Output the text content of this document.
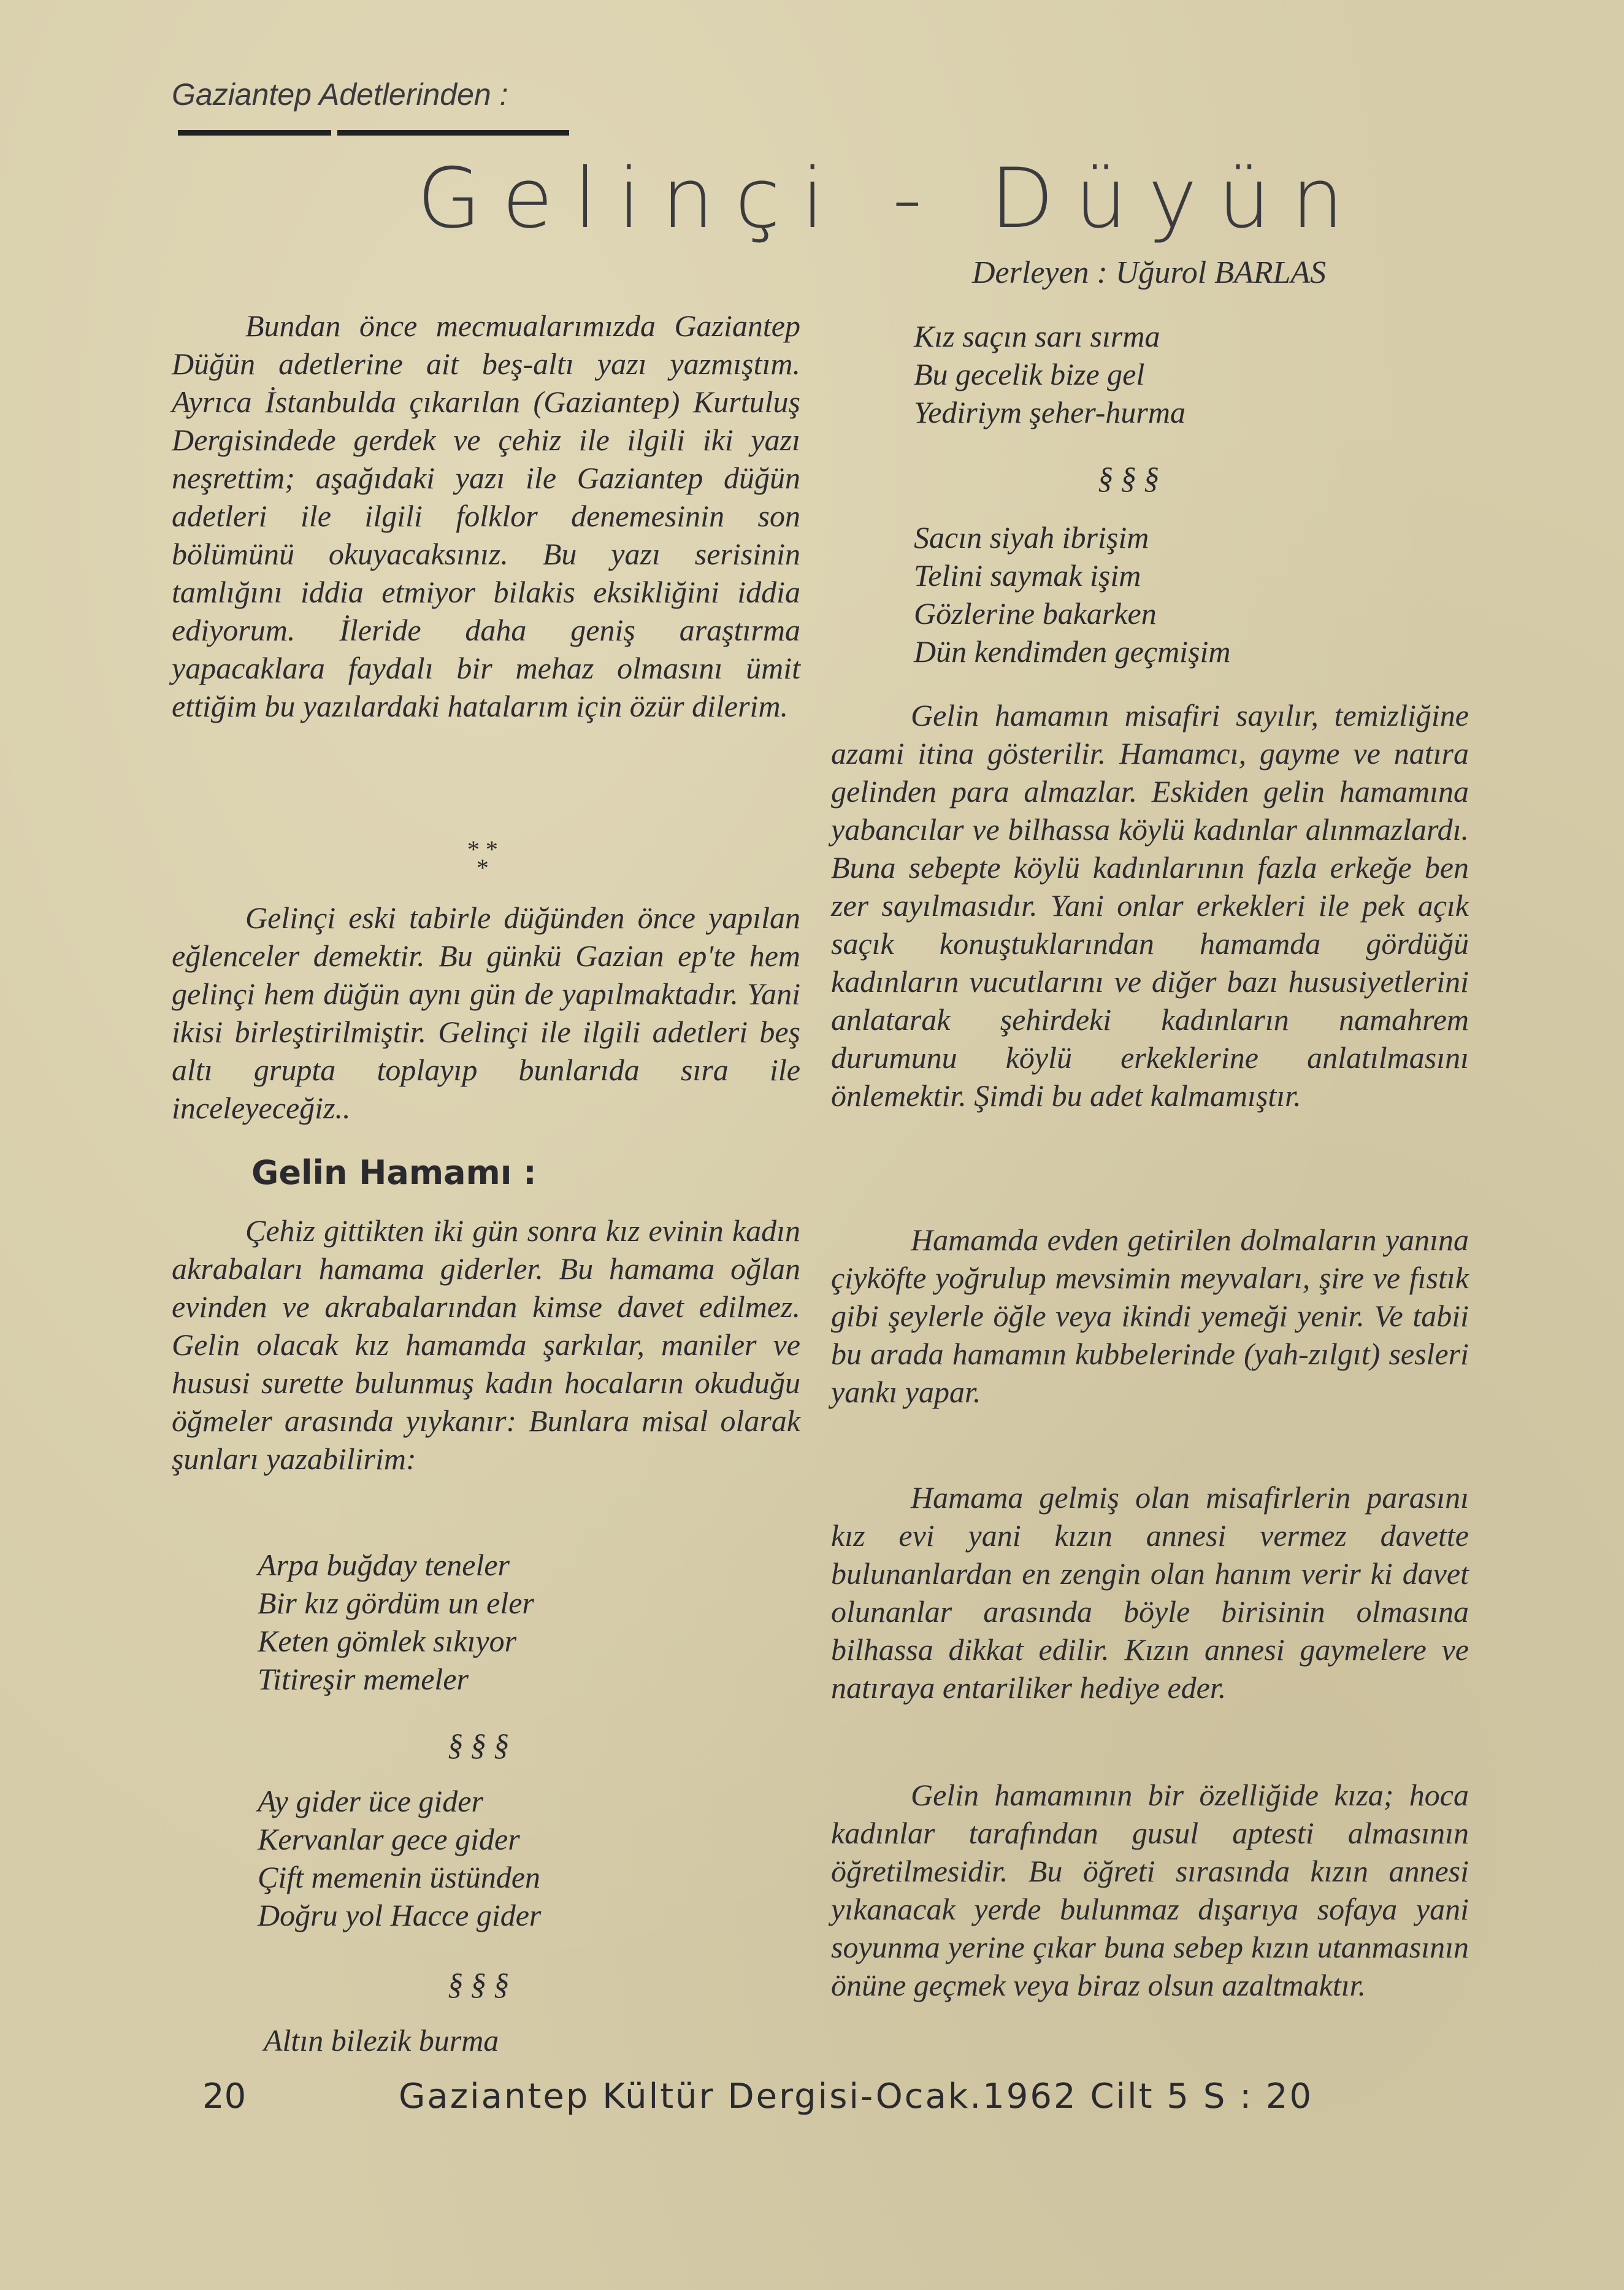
Gaziantep Adetlerinden :
Gelinçi - Düyün
Derleyen : Uğurol BARLAS

Bundan önce mecmualarımızda Gaziantep Düğün adetlerine ait beş-altı yazı yazmıştım. Ayrıca İstanbulda çıkarılan (Gaziantep) Kurtuluş Dergisindede gerdek ve çehiz ile ilgili iki yazı neşrettim; aşağıdaki yazı ile Gaziantep düğün adetleri ile ilgili folklor denemesinin son bölümünü okuyacaksınız. Bu yazı serisinin tamlığını iddia etmiyor bilakis eksikliğini iddia ediyorum. İleride daha geniş araştırma yapacaklara faydalı bir mehaz olmasını ümit ettiğim bu yazılardaki hatalarım için özür dilerim.

* *
*

Gelinçi eski tabirle düğünden önce yapılan eğlenceler demektir. Bu günkü Gazian ep'te hem gelinçi hem düğün aynı gün de yapılmaktadır. Yani ikisi birleştirilmiştir. Gelinçi ile ilgili adetleri beş altı grupta toplayıp bunlarıda sıra ile inceleyeceğiz..

Gelin Hamamı :

Çehiz gittikten iki gün sonra kız evinin kadın akrabaları hamama giderler. Bu hamama oğlan evinden ve akrabalarından kimse davet edilmez. Gelin olacak kız hamamda şarkılar, maniler ve hususi surette bulunmuş kadın hocaların okuduğu öğmeler arasında yıykanır: Bunlara misal olarak şunları yazabilirim:

Arpa buğday teneler
Bir kız gördüm un eler
Keten gömlek sıkıyor
Titireşir memeler
§ § §
Ay gider üce gider
Kervanlar gece gider
Çift memenin üstünden
Doğru yol Hacce gider
§ § §
Altın bilezik burma
Kız saçın sarı sırma
Bu gecelik bize gel
Yediriym şeher-hurma
§ § §
Sacın siyah ibrişim
Telini saymak işim
Gözlerine bakarken
Dün kendimden geçmişim

Gelin hamamın misafiri sayılır, temizliğine azami itina gösterilir. Hamamcı, gayme ve natıra gelinden para almazlar. Eskiden gelin hamamına yabancılar ve bilhassa köylü kadınlar alınmazlardı. Buna sebepte köylü kadınlarının fazla erkeğe ben zer sayılmasıdır. Yani onlar erkekleri ile pek açık saçık konuştuklarından hamamda gördüğü kadınların vucutlarını ve diğer bazı hususiyetlerini anlatarak şehirdeki kadınların namahrem durumunu köylü erkeklerine anlatılmasını önlemektir. Şimdi bu adet kalmamıştır.

Hamamda evden getirilen dolmaların yanına çiyköfte yoğrulup mevsimin meyvaları, şire ve fıstık gibi şeylerle öğle veya ikindi yemeği yenir. Ve tabii bu arada hamamın kubbelerinde (yah-zılgıt) sesleri yankı yapar.

Hamama gelmiş olan misafirlerin parasını kız evi yani kızın annesi vermez davette bulunanlardan en zengin olan hanım verir ki davet olunanlar arasında böyle birisinin olmasına bilhassa dikkat edilir. Kızın annesi gaymelere ve natıraya entariliker hediye eder.

Gelin hamamının bir özelliğide kıza; hoca kadınlar tarafından gusul aptesti almasının öğretilmesidir. Bu öğreti sırasında kızın annesi yıkanacak yerde bulunmaz dışarıya sofaya yani soyunma yerine çıkar buna sebep kızın utanmasının önüne geçmek veya biraz olsun azaltmaktır.

20	Gaziantep Kültür Dergisi-Ocak.1962 Cilt 5 S : 20
